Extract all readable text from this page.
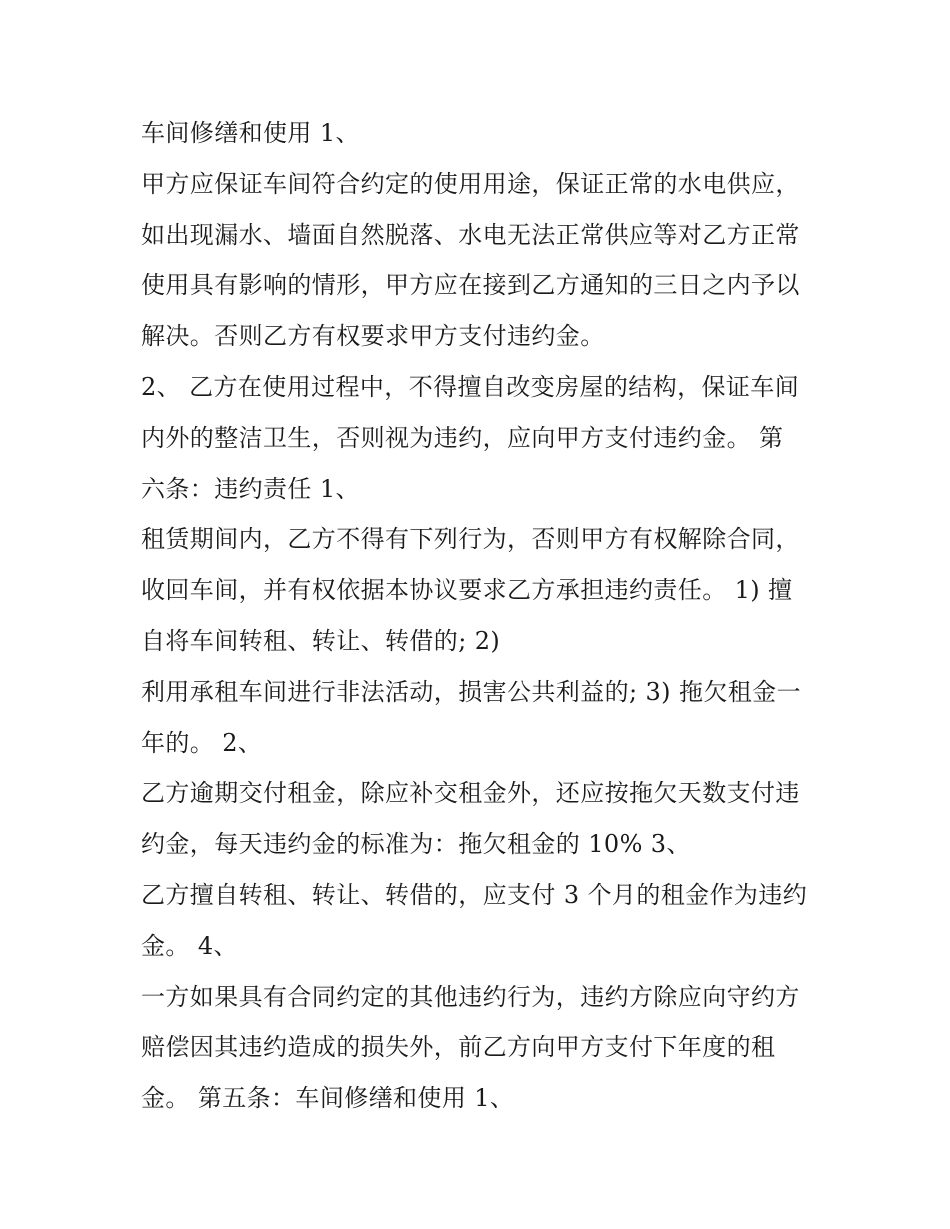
车间修缮和使用 1、
甲方应保证车间符合约定的使用用途，保证正常的水电供应，
如出现漏水、墙面自然脱落、水电无法正常供应等对乙方正常
使用具有影响的情形，甲方应在接到乙方通知的三日之内予以
解决。否则乙方有权要求甲方支付违约金。
2、 乙方在使用过程中，不得擅自改变房屋的结构，保证车间
内外的整洁卫生，否则视为违约，应向甲方支付违约金。 第
六条：违约责任 1、
租赁期间内，乙方不得有下列行为，否则甲方有权解除合同，
收回车间，并有权依据本协议要求乙方承担违约责任。 1) 擅
自将车间转租、转让、转借的; 2)
利用承租车间进行非法活动，损害公共利益的; 3) 拖欠租金一
年的。 2、
乙方逾期交付租金，除应补交租金外，还应按拖欠天数支付违
约金，每天违约金的标准为：拖欠租金的 10% 3、
乙方擅自转租、转让、转借的，应支付 3 个月的租金作为违约
金。 4、
一方如果具有合同约定的其他违约行为，违约方除应向守约方
赔偿因其违约造成的损失外，前乙方向甲方支付下年度的租
金。 第五条：车间修缮和使用 1、
